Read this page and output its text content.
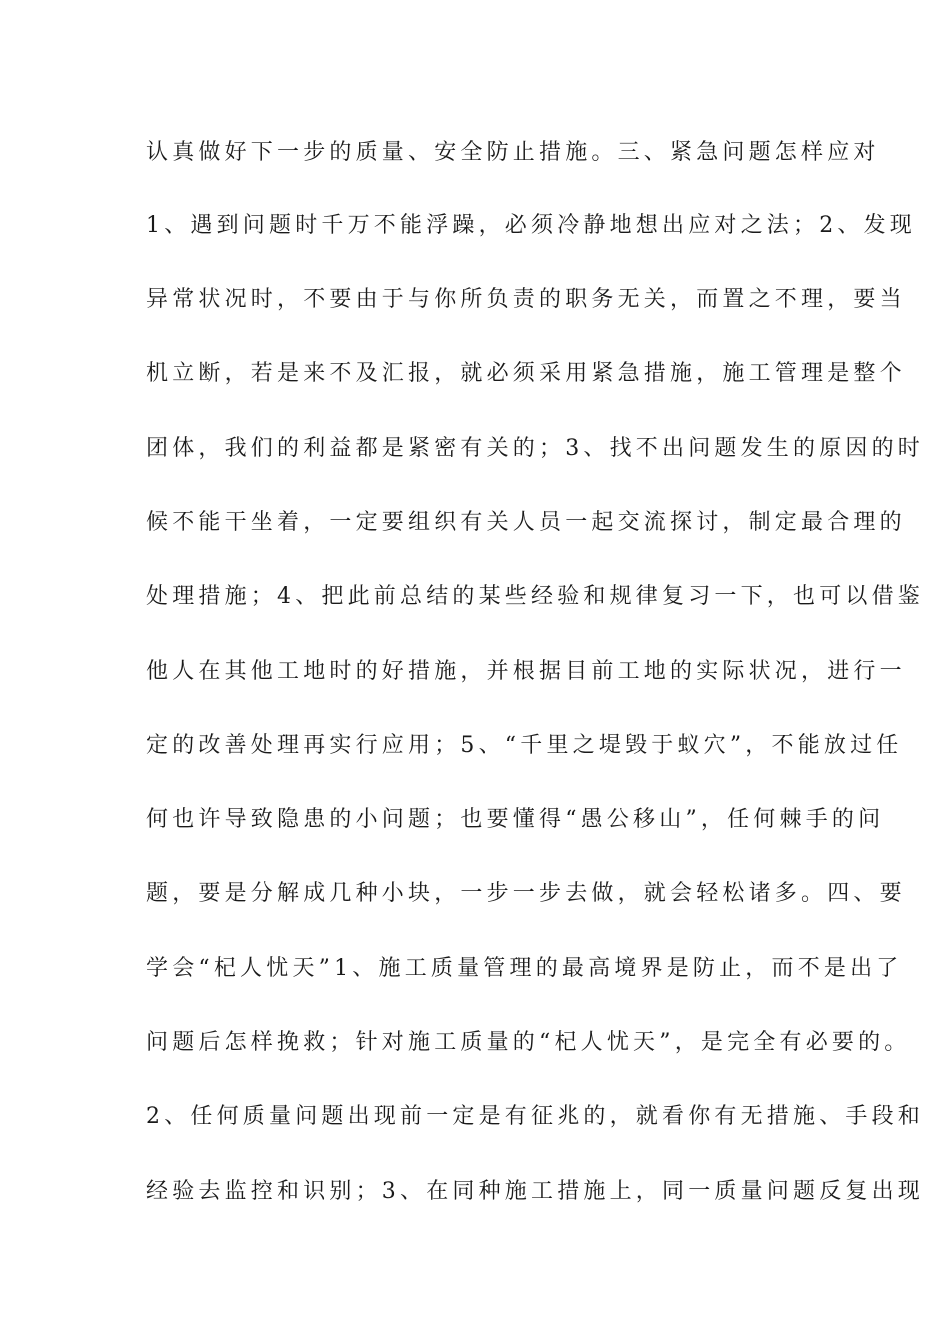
认真做好下一步的质量、安全防止措施。三、紧急问题怎样应对
1、遇到问题时千万不能浮躁，必须冷静地想出应对之法；2、发现
异常状况时，不要由于与你所负责的职务无关，而置之不理，要当
机立断，若是来不及汇报，就必须采用紧急措施，施工管理是整个
团体，我们的利益都是紧密有关的；3、找不出问题发生的原因的时
候不能干坐着，一定要组织有关人员一起交流探讨，制定最合理的
处理措施；4、把此前总结的某些经验和规律复习一下，也可以借鉴
他人在其他工地时的好措施，并根据目前工地的实际状况，进行一
定的改善处理再实行应用；5、“千里之堤毁于蚁穴”，不能放过任
何也许导致隐患的小问题；也要懂得“愚公移山”，任何棘手的问
题，要是分解成几种小块，一步一步去做，就会轻松诸多。四、要
学会“杞人忧天”1、施工质量管理的最高境界是防止，而不是出了
问题后怎样挽救；针对施工质量的“杞人忧天”，是完全有必要的。
2、任何质量问题出现前一定是有征兆的，就看你有无措施、手段和
经验去监控和识别；3、在同种施工措施上，同一质量问题反复出现
